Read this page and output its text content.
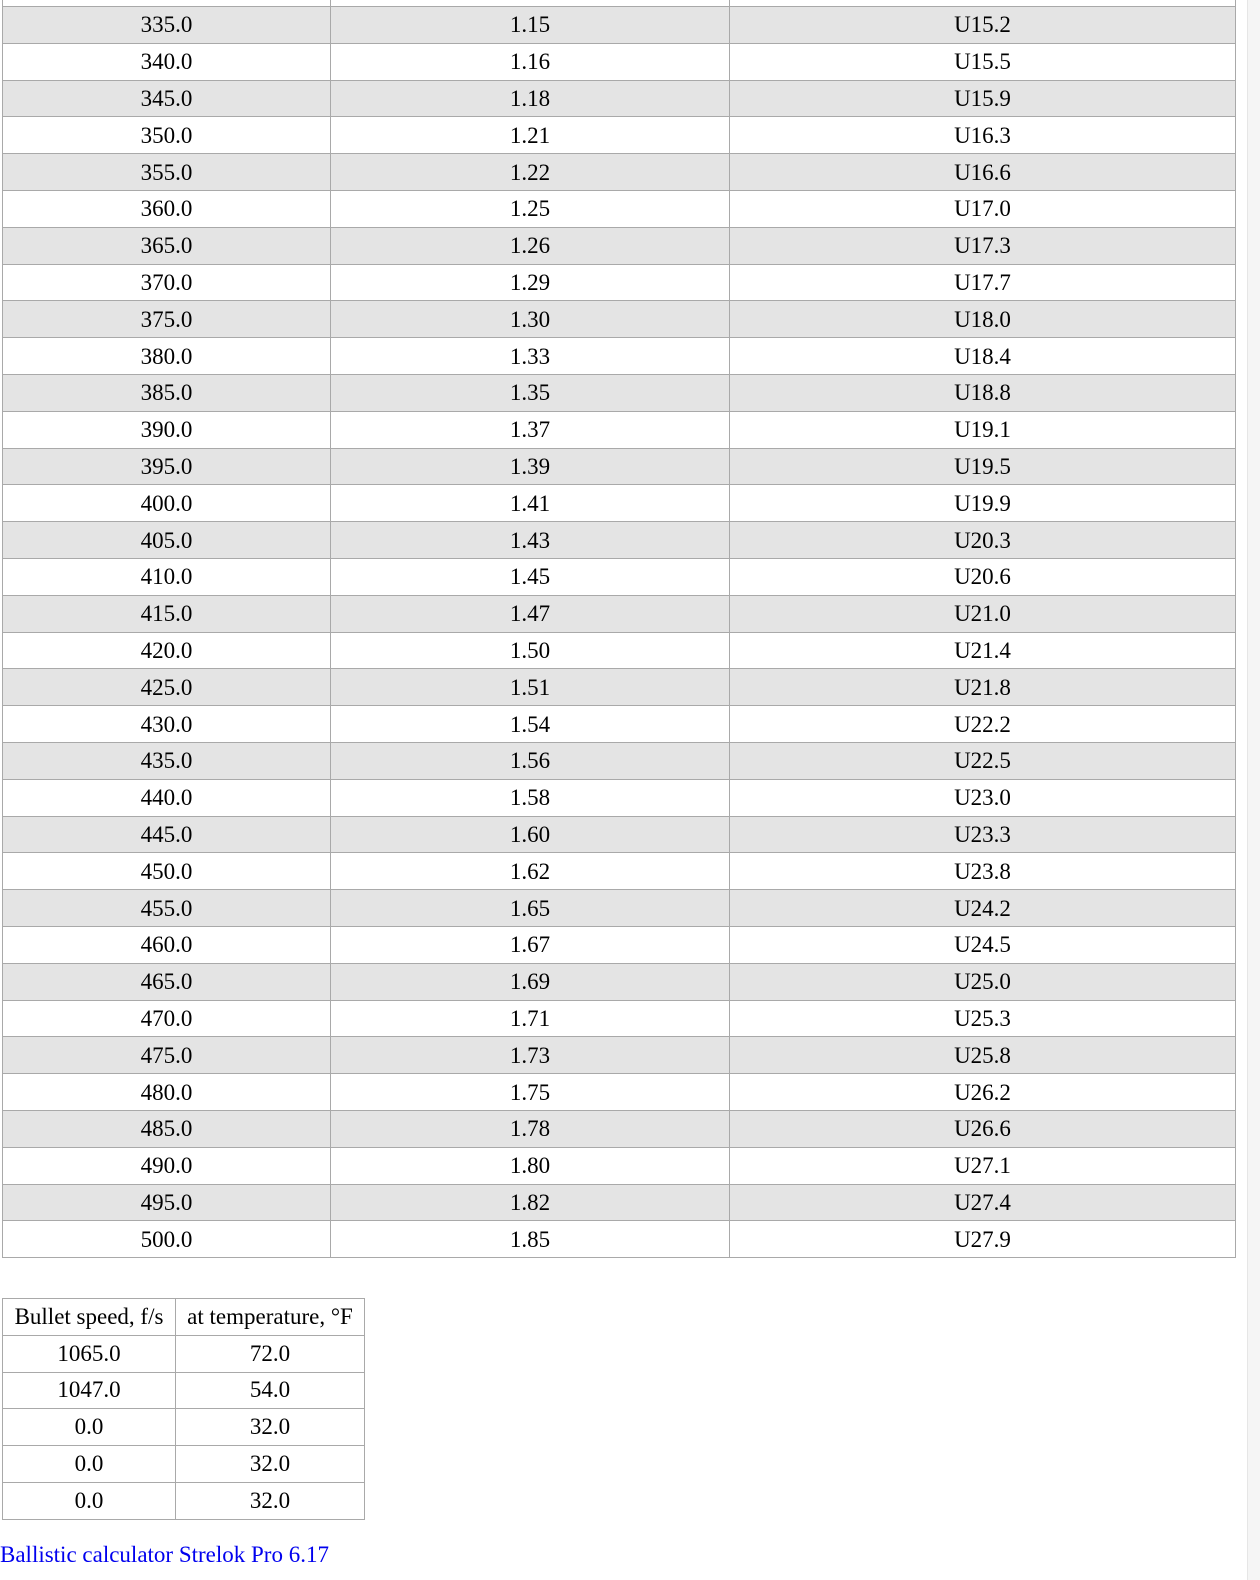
335.0	1.15	U15.2
340.0	1.16	U15.5
345.0	1.18	U15.9
350.0	1.21	U16.3
355.0	1.22	U16.6
360.0	1.25	U17.0
365.0	1.26	U17.3
370.0	1.29	U17.7
375.0	1.30	U18.0
380.0	1.33	U18.4
385.0	1.35	U18.8
390.0	1.37	U19.1
395.0	1.39	U19.5
400.0	1.41	U19.9
405.0	1.43	U20.3
410.0	1.45	U20.6
415.0	1.47	U21.0
420.0	1.50	U21.4
425.0	1.51	U21.8
430.0	1.54	U22.2
435.0	1.56	U22.5
440.0	1.58	U23.0
445.0	1.60	U23.3
450.0	1.62	U23.8
455.0	1.65	U24.2
460.0	1.67	U24.5
465.0	1.69	U25.0
470.0	1.71	U25.3
475.0	1.73	U25.8
480.0	1.75	U26.2
485.0	1.78	U26.6
490.0	1.80	U27.1
495.0	1.82	U27.4
500.0	1.85	U27.9
Bullet speed, f/s	at temperature, °F
1065.0	72.0
1047.0	54.0
0.0	32.0
0.0	32.0
0.0	32.0
Ballistic calculator Strelok Pro 6.17
